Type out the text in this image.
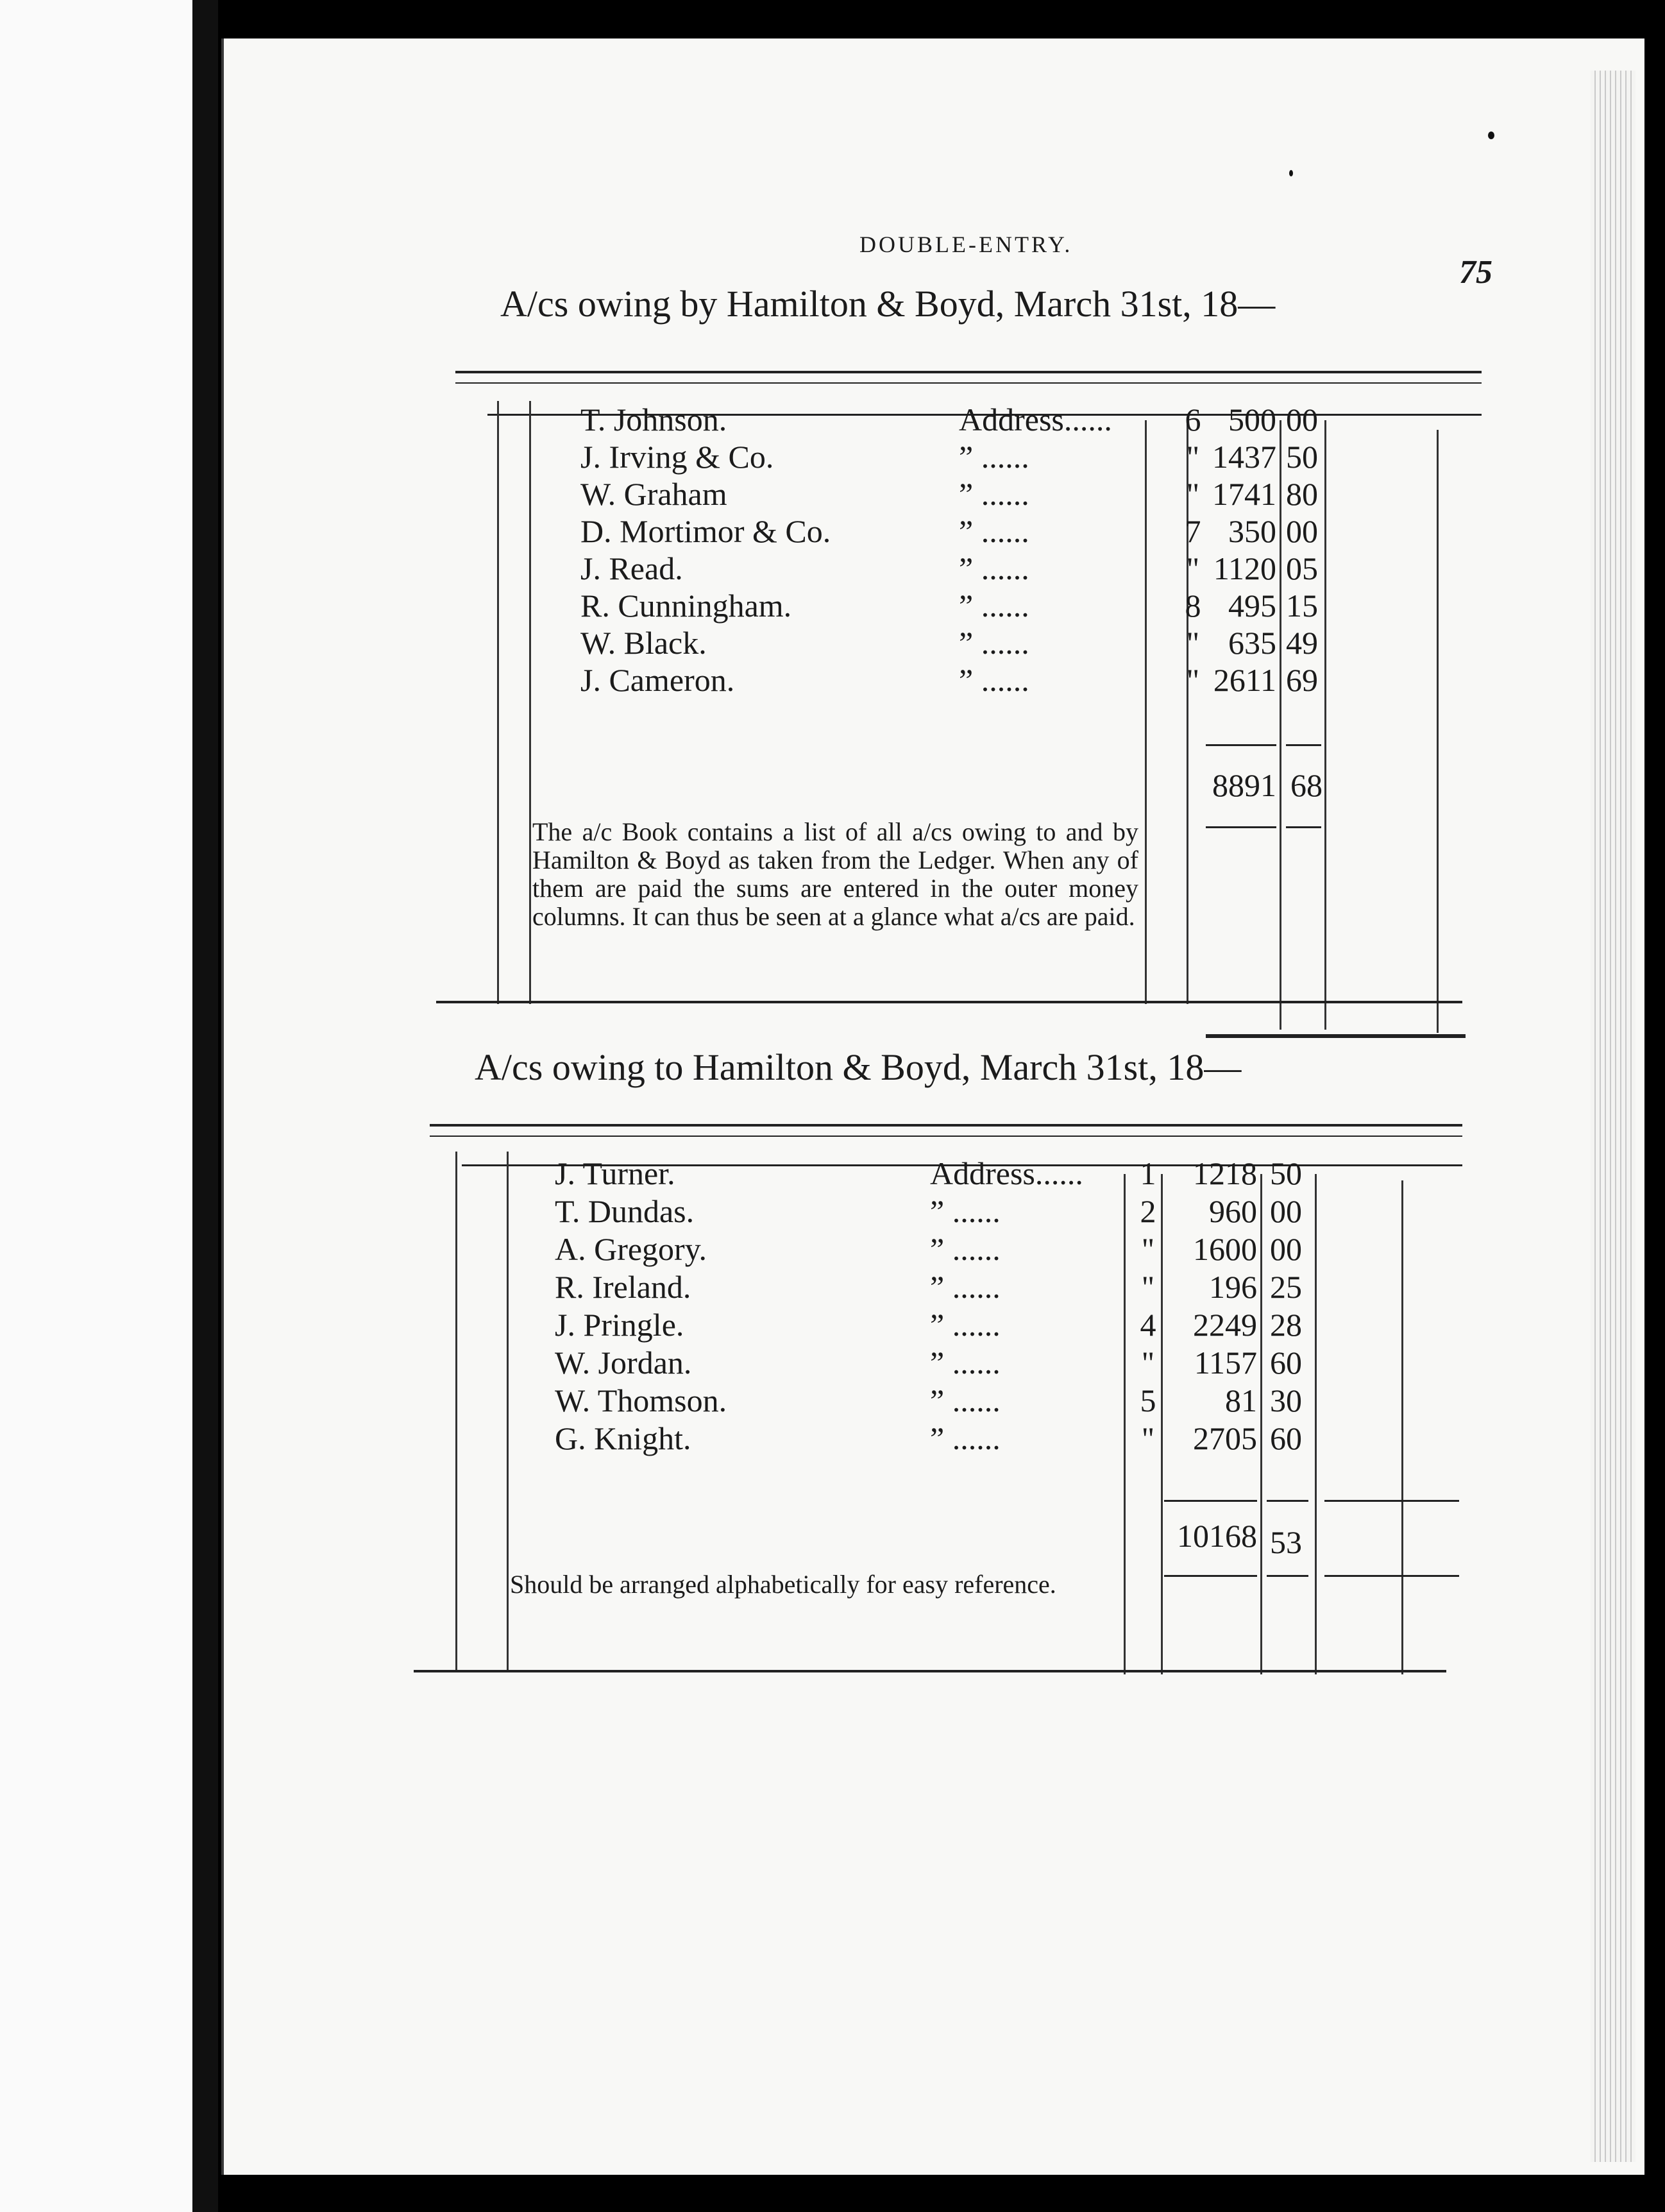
DOUBLE-ENTRY.
75
A/cs owing by Hamilton & Boyd, March 31st, 18—
T. Johnson.	Address...... 6 500 00
J. Irving & Co.	” ......	" 1437 50
W. Graham	” ......	" 1741 80
D. Mortimor & Co.	” ......	7 350 00
J. Read.	” ......	" 1120 05
R. Cunningham.	” ......	8 495 15
W. Black.	” ......	" 635 49
J. Cameron.	” ......	" 2611 69
8891 68
The a/c Book contains a list of all a/cs owing to and by Hamilton & Boyd as taken from the Ledger. When any of them are paid the sums are entered in the outer money columns. It can thus be seen at a glance what a/cs are paid.
A/cs owing to Hamilton & Boyd, March 31st, 18—
J. Turner.	Address...... 1	1218 50
T. Dundas.	” ......	2	960 00
A. Gregory.	” ......	"	1600 00
R. Ireland.	” ......	"	196 25
J. Pringle.	” ......	4	2249 28
W. Jordan.	” ......	"	1157 60
W. Thomson.	” ......	5	81 30
G. Knight.	” ......	"	2705 60
10168 53
Should be arranged alphabetically for easy reference.
